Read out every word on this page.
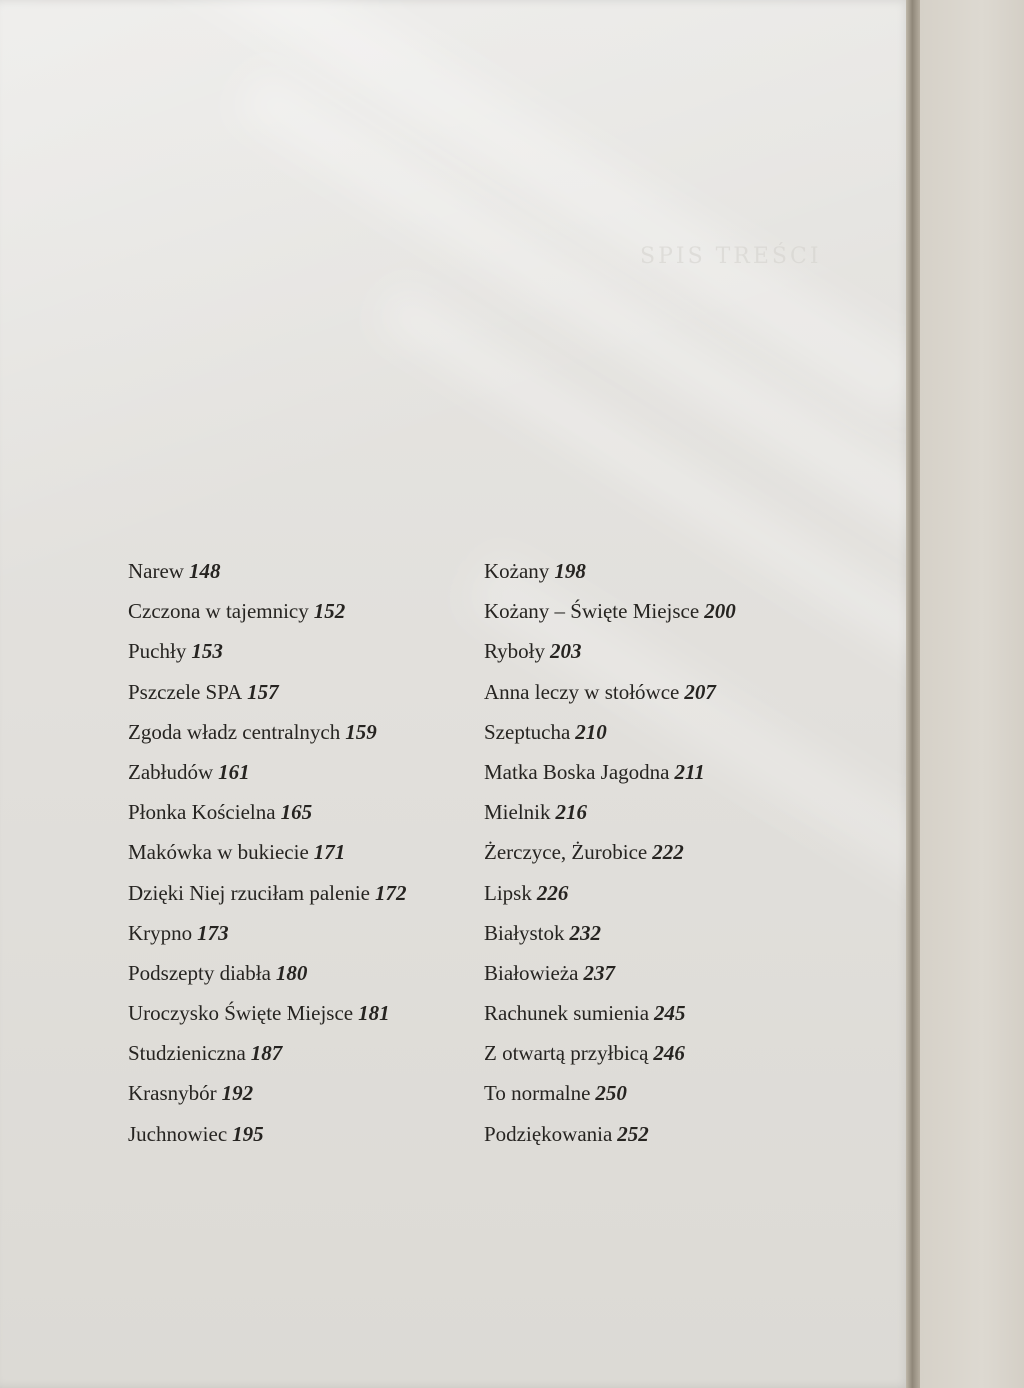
SPIS TREŚCI
Narew 148
Czczona w tajemnicy 152
Puchły 153
Pszczele SPA 157
Zgoda władz centralnych 159
Zabłudów 161
Płonka Kościelna 165
Makówka w bukiecie 171
Dzięki Niej rzuciłam palenie 172
Krypno 173
Podszepty diabła 180
Uroczysko Święte Miejsce 181
Studzieniczna 187
Krasnybór 192
Juchnowiec 195
Kożany 198
Kożany – Święte Miejsce 200
Ryboły 203
Anna leczy w stołówce 207
Szeptucha 210
Matka Boska Jagodna 211
Mielnik 216
Żerczyce, Żurobice 222
Lipsk 226
Białystok 232
Białowieża 237
Rachunek sumienia 245
Z otwartą przyłbicą 246
To normalne 250
Podziękowania 252
